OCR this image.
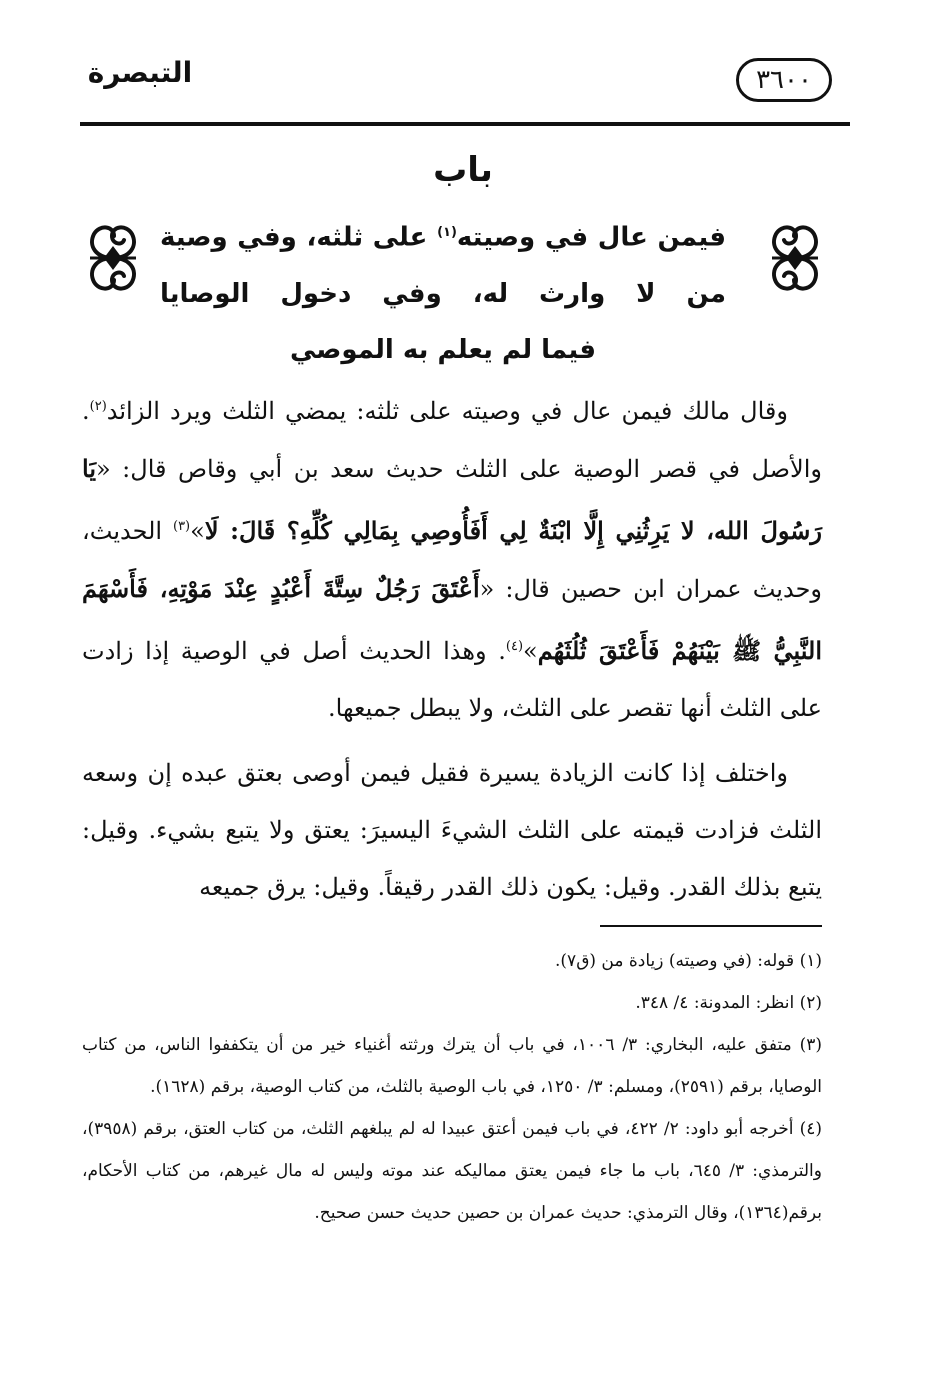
٣٦٠٠
التبصرة
باب
فيمن عال في وصيته$^{(١)}$ على ثلثه، وفي وصية
من لا وارث له، وفي دخول الوصايا
فيما لم يعلم به الموصي

وقال مالك فيمن عال في وصيته على ثلثه: يمضي الثلث ويرد الزائد$^{(٢)}$. والأصل في قصر الوصية على الثلث حديث سعد بن أبي وقاص قال: «يَا رَسُولَ الله، لا يَرِثُنِي إِلَّا ابْنَةٌ لِي أَفَأُوصِي بِمَالِي كُلِّهِ؟ قَالَ: لَا»$^{(٣)}$ الحديث، وحديث عمران ابن حصين قال: «أَعْتَقَ رَجُلٌ سِتَّةَ أَعْبُدٍ عِنْدَ مَوْتِهِ، فَأَسْهَمَ النَّبِيُّ ﷺ بَيْنَهُمْ فَأَعْتَقَ ثُلُثَهُم»$^{(٤)}$. وهذا الحديث أصل في الوصية إذا زادت على الثلث أنها تقصر على الثلث، ولا يبطل جميعها.

واختلف إذا كانت الزيادة يسيرة فقيل فيمن أوصى بعتق عبده إن وسعه الثلث فزادت قيمته على الثلث الشيءَ اليسيرَ: يعتق ولا يتبع بشيء. وقيل: يتبع بذلك القدر. وقيل: يكون ذلك القدر رقيقاً. وقيل: يرق جميعه

(١) قوله: (في وصيته) زيادة من (ق٧).

(٢) انظر: المدونة: ٤/ ٣٤٨.

(٣) متفق عليه، البخاري: ٣/ ١٠٠٦، في باب أن يترك ورثته أغنياء خير من أن يتكففوا الناس، من كتاب الوصايا، برقم (٢٥٩١)، ومسلم: ٣/ ١٢٥٠، في باب الوصية بالثلث، من كتاب الوصية، برقم (١٦٢٨).

(٤) أخرجه أبو داود: ٢/ ٤٢٢، في باب فيمن أعتق عبيدا له لم يبلغهم الثلث، من كتاب العتق، برقم (٣٩٥٨)، والترمذي: ٣/ ٦٤٥، باب ما جاء فيمن يعتق مماليكه عند موته وليس له مال غيرهم، من كتاب الأحكام، برقم(١٣٦٤)، وقال الترمذي: حديث عمران بن حصين حديث حسن صحيح.
